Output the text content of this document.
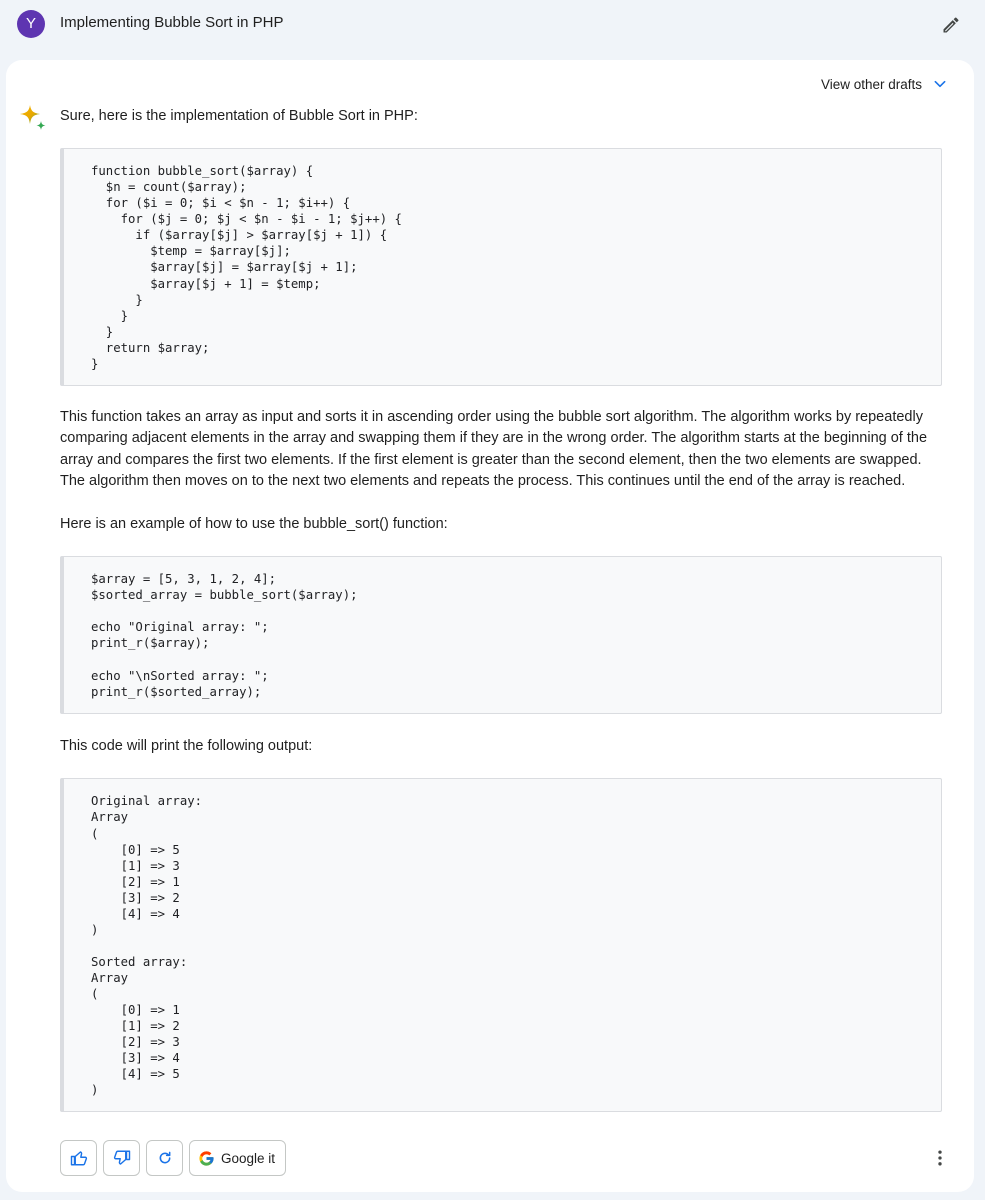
Y	Implementing Bubble Sort in PHP
View other drafts

Sure, here is the implementation of Bubble Sort in PHP:

function bubble_sort($array) {
$n = count($array);
for ($i = 0; $i < $n - 1; $i++) {
for ($j = 0; $j < $n - $i - 1; $j++) {
if ($array[$j] > $array[$j + 1]) {
$temp = $array[$j];
$array[$j] = $array[$j + 1];
$array[$j + 1] = $temp;
}
}
}
return $array;
}

This function takes an array as input and sorts it in ascending order using the bubble sort algorithm. The algorithm works by repeatedly comparing adjacent elements in the array and swapping them if they are in the wrong order. The algorithm starts at the beginning of the array and compares the first two elements. If the first element is greater than the second element, then the two elements are swapped. The algorithm then moves on to the next two elements and repeats the process. This continues until the end of the array is reached.

Here is an example of how to use the bubble_sort() function:

$array = [5, 3, 1, 2, 4];
$sorted_array = bubble_sort($array);

echo "Original array: ";
print_r($array);

echo "\nSorted array: ";
print_r($sorted_array);

This code will print the following output:

Original array:
Array
(
[0] => 5
[1] => 3
[2] => 1
[3] => 2
[4] => 4
)

Sorted array:
Array
(
[0] => 1
[1] => 2
[2] => 3
[3] => 4
[4] => 5
)
Google it
